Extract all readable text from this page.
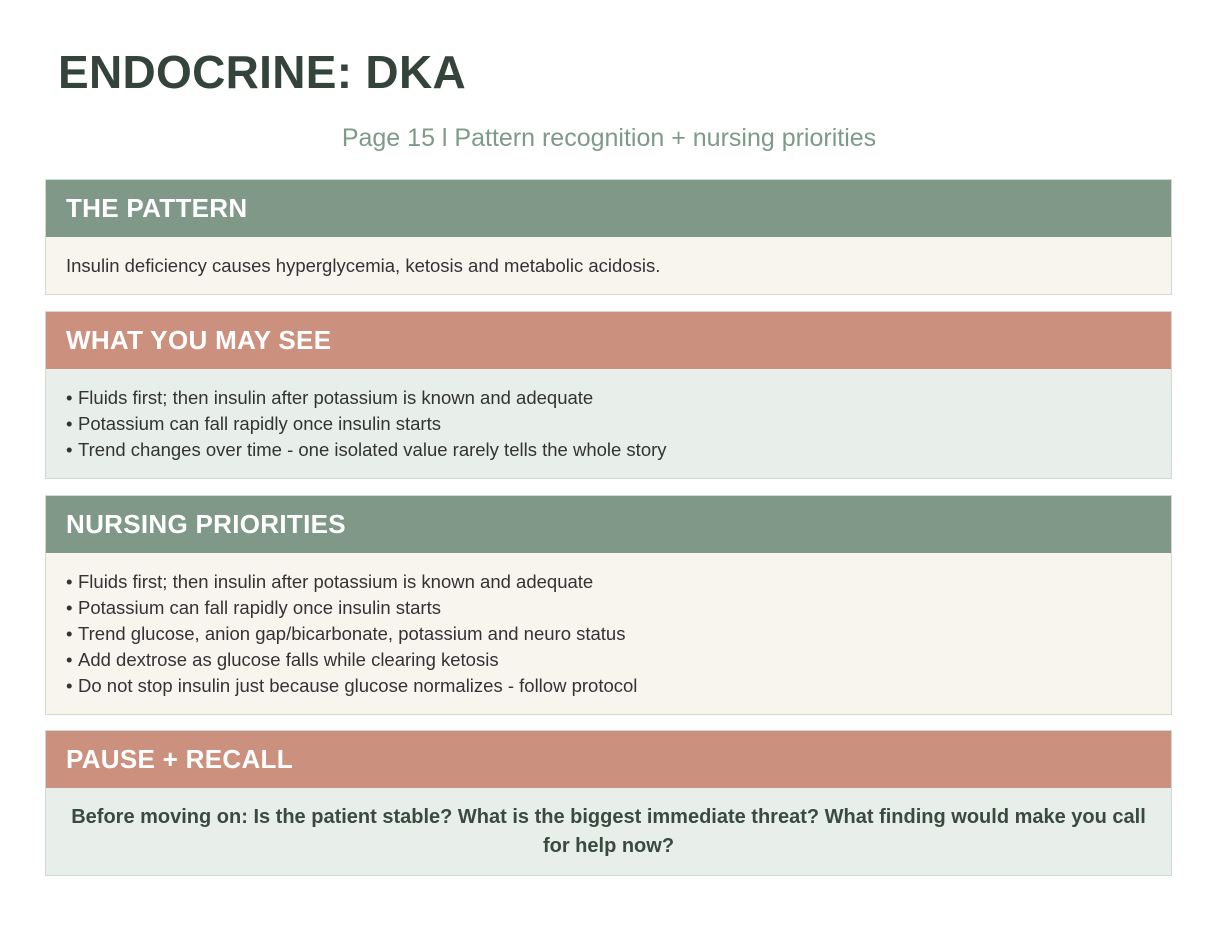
ENDOCRINE: DKA
Page 15 l Pattern recognition + nursing priorities
THE PATTERN
Insulin deficiency causes hyperglycemia, ketosis and metabolic acidosis.
WHAT YOU MAY SEE
• Fluids first; then insulin after potassium is known and adequate
• Potassium can fall rapidly once insulin starts
• Trend changes over time - one isolated value rarely tells the whole story
NURSING PRIORITIES
• Fluids first; then insulin after potassium is known and adequate
• Potassium can fall rapidly once insulin starts
• Trend glucose, anion gap/bicarbonate, potassium and neuro status
• Add dextrose as glucose falls while clearing ketosis
• Do not stop insulin just because glucose normalizes - follow protocol
PAUSE + RECALL
Before moving on: Is the patient stable? What is the biggest immediate threat? What finding would make you call for help now?
